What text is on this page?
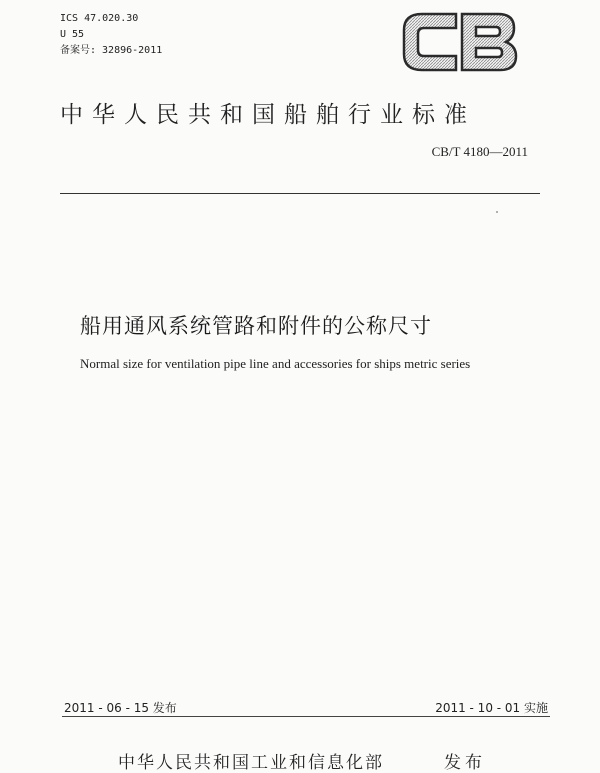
ICS 47.020.30
U 55
备案号: 32896-2011
中华人民共和国船舶行业标准
CB/T 4180—2011
船用通风系统管路和附件的公称尺寸
Normal size for ventilation pipe line and accessories for ships metric series
2011 - 06 - 15 发布	2011 - 10 - 01 实施
中华人民共和国工业和信息化部	发布
